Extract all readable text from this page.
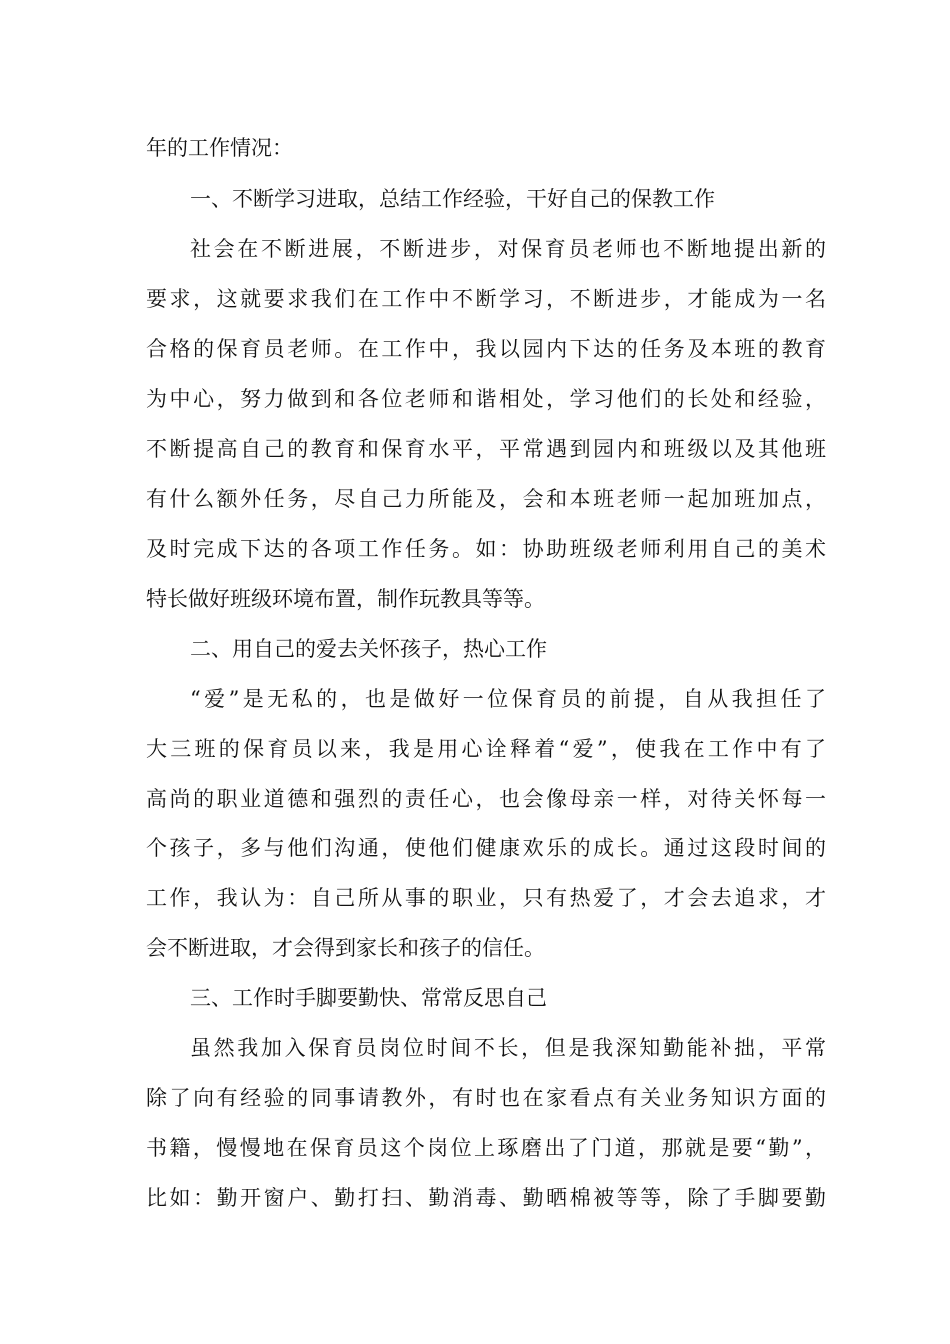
年的工作情况：
一、不断学习进取，总结工作经验，干好自己的保教工作
社会在不断进展，不断进步，对保育员老师也不断地提出新的
要求，这就要求我们在工作中不断学习，不断进步，才能成为一名
合格的保育员老师。在工作中，我以园内下达的任务及本班的教育
为中心，努力做到和各位老师和谐相处，学习他们的长处和经验，
不断提高自己的教育和保育水平，平常遇到园内和班级以及其他班
有什么额外任务，尽自己力所能及，会和本班老师一起加班加点，
及时完成下达的各项工作任务。如：协助班级老师利用自己的美术
特长做好班级环境布置，制作玩教具等等。
二、用自己的爱去关怀孩子，热心工作
“爱”是无私的，也是做好一位保育员的前提，自从我担任了
大三班的保育员以来，我是用心诠释着“爱”，使我在工作中有了
高尚的职业道德和强烈的责任心，也会像母亲一样，对待关怀每一
个孩子，多与他们沟通，使他们健康欢乐的成长。通过这段时间的
工作，我认为：自己所从事的职业，只有热爱了，才会去追求，才
会不断进取，才会得到家长和孩子的信任。
三、工作时手脚要勤快、常常反思自己
虽然我加入保育员岗位时间不长，但是我深知勤能补拙，平常
除了向有经验的同事请教外，有时也在家看点有关业务知识方面的
书籍，慢慢地在保育员这个岗位上琢磨出了门道，那就是要“勤”，
比如：勤开窗户、勤打扫、勤消毒、勤晒棉被等等，除了手脚要勤
